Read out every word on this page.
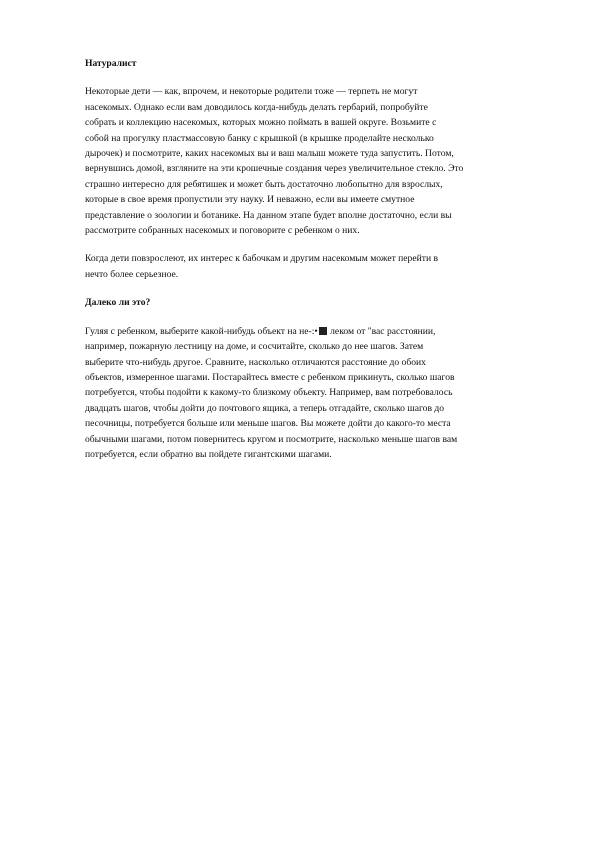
Натуралист
Некоторые дети — как, впрочем, и некоторые родители тоже — терпеть не могут
насекомых. Однако если вам доводилось когда-нибудь делать гербарий, попробуйте
собрать и коллекцию насекомых, которых можно поймать в вашей округе. Возьмите с
собой на прогулку пластмассовую банку с крышкой (в крышке проделайте несколько
дырочек) и посмотрите, каких насекомых вы и ваш малыш можете туда запустить. Потом,
вернувшись домой, взгляните на эти крошечные создания через увеличительное стекло. Это
страшно интересно для ребятишек и может быть достаточно любопытно для взрослых,
которые в свое время пропустили эту науку. И неважно, если вы имеете смутное
представление о зоологии и ботанике. На данном этапе будет вполне достаточно, если вы
рассмотрите собранных насекомых и поговорите с ребенком о них.
Когда дети повзрослеют, их интерес к бабочкам и другим насекомым может перейти в
нечто более серьезное.
Далеко ли это?
Гуляя с ребенком, выберите какой-нибудь объект на не-:• леком от "вас расстоянии,
например, пожарную лестницу на доме, и сосчитайте, сколько до нее шагов. Затем
выберите что-нибудь другое. Сравните, насколько отличаются расстояние до обоих
объектов, измеренное шагами. Постарайтесь вместе с ребенком прикинуть, сколько шагов
потребуется, чтобы подойти к какому-то близкому объекту. Например, вам потребовалось
двадцать шагов, чтобы дойти до почтового ящика, а теперь отгадайте, сколько шагов до
песочницы, потребуется больше или меньше шагов. Вы можете дойти до какого-то места
обычными шагами, потом повернитесь кругом и посмотрите, насколько меньше шагов вам
потребуется, если обратно вы пойдете гигантскими шагами.
